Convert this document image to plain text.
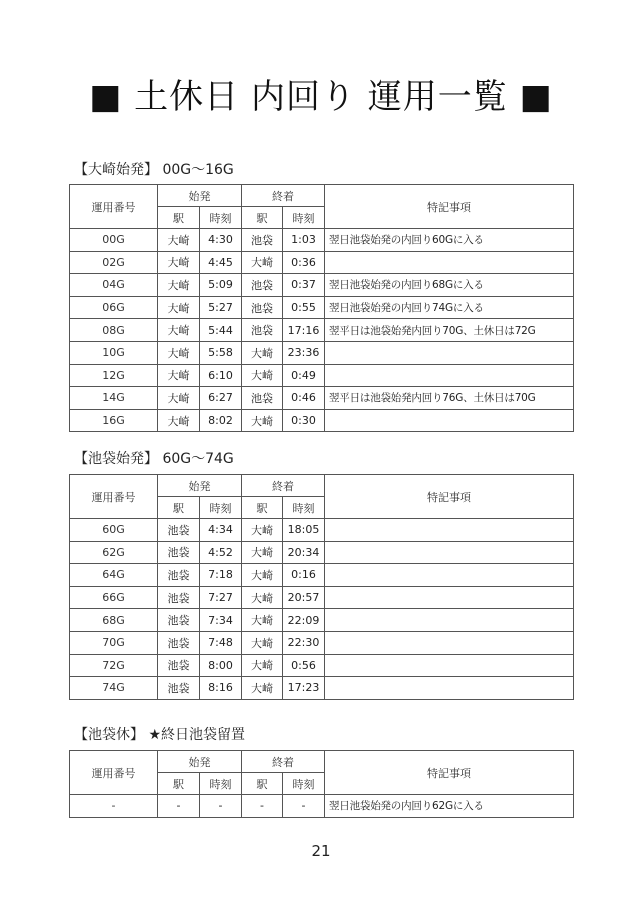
■ 土休日 内回り 運用一覧 ■
【大崎始発】 00G～16G
運用番号	始発		終着		特記事項
	駅	時刻	駅	時刻	
00G	大崎	4:30	池袋	1:03	翌日池袋始発の内回り60Gに入る
02G	大崎	4:45	大崎	0:36	
04G	大崎	5:09	池袋	0:37	翌日池袋始発の内回り68Gに入る
06G	大崎	5:27	池袋	0:55	翌日池袋始発の内回り74Gに入る
08G	大崎	5:44	池袋	17:16	翌平日は池袋始発内回り70G、土休日は72G
10G	大崎	5:58	大崎	23:36	
12G	大崎	6:10	大崎	0:49	
14G	大崎	6:27	池袋	0:46	翌平日は池袋始発内回り76G、土休日は70G
16G	大崎	8:02	大崎	0:30	
【池袋始発】 60G～74G
運用番号	始発		終着		特記事項
	駅	時刻	駅	時刻	
60G	池袋	4:34	大崎	18:05	
62G	池袋	4:52	大崎	20:34	
64G	池袋	7:18	大崎	0:16	
66G	池袋	7:27	大崎	20:57	
68G	池袋	7:34	大崎	22:09	
70G	池袋	7:48	大崎	22:30	
72G	池袋	8:00	大崎	0:56	
74G	池袋	8:16	大崎	17:23	
【池袋休】 ★終日池袋留置
運用番号	始発		終着		特記事項
	駅	時刻	駅	時刻	
-	-	-	-	-	翌日池袋始発の内回り62Gに入る
21
